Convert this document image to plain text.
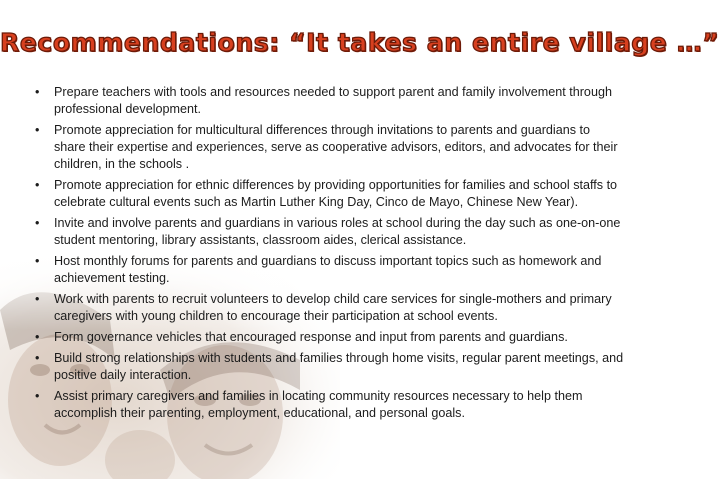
Recommendations: “It takes an entire village …”
• Prepare teachers with tools and resources needed to support parent and family involvement through professional development.
• Promote appreciation for multicultural differences through invitations to parents and guardians to share their expertise and experiences, serve as cooperative advisors, editors, and advocates for their children, in the schools .
• Promote appreciation for ethnic differences by providing opportunities for families and school staffs to celebrate cultural events such as Martin Luther King Day, Cinco de Mayo, Chinese New Year).
• Invite and involve parents and guardians in various roles at school during the day such as one-on-one student mentoring, library assistants, classroom aides, clerical assistance.
• Host monthly forums for parents and guardians to discuss important topics such as homework and achievement testing.
• Work with parents to recruit volunteers to develop child care services for single-mothers and primary caregivers with young children to encourage their participation at school events.
• Form governance vehicles that encouraged response and input from parents and guardians.
• Build strong relationships with students and families through home visits, regular parent meetings, and positive daily interaction.
• Assist primary caregivers and families in locating community resources necessary to help them accomplish their parenting, employment, educational, and personal goals.
